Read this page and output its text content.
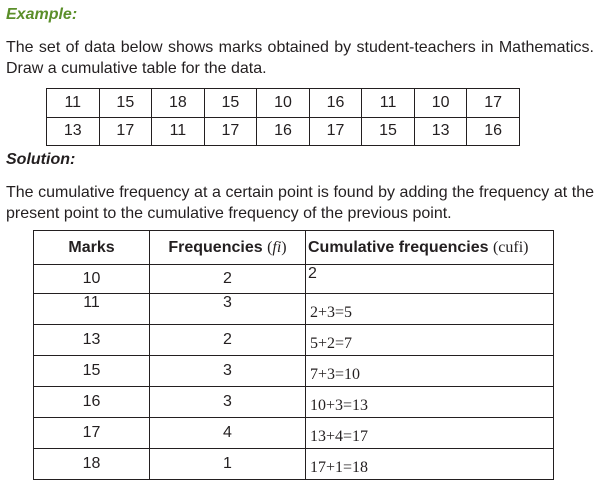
Example:
The set of data below shows marks obtained by student-teachers in Mathematics. Draw a cumulative table for the data.
11	15	18	15	10	16	11	10	17
13	17	11	17	16	17	15	13	16
Solution:
The cumulative frequency at a certain point is found by adding the frequency at the present point to the cumulative frequency of the previous point.
Marks	Frequencies (fi)	Cumulative frequencies (cufi)
10	2	2
11	3	2+3=5
13	2	5+2=7
15	3	7+3=10
16	3	10+3=13
17	4	13+4=17
18	1	17+1=18
